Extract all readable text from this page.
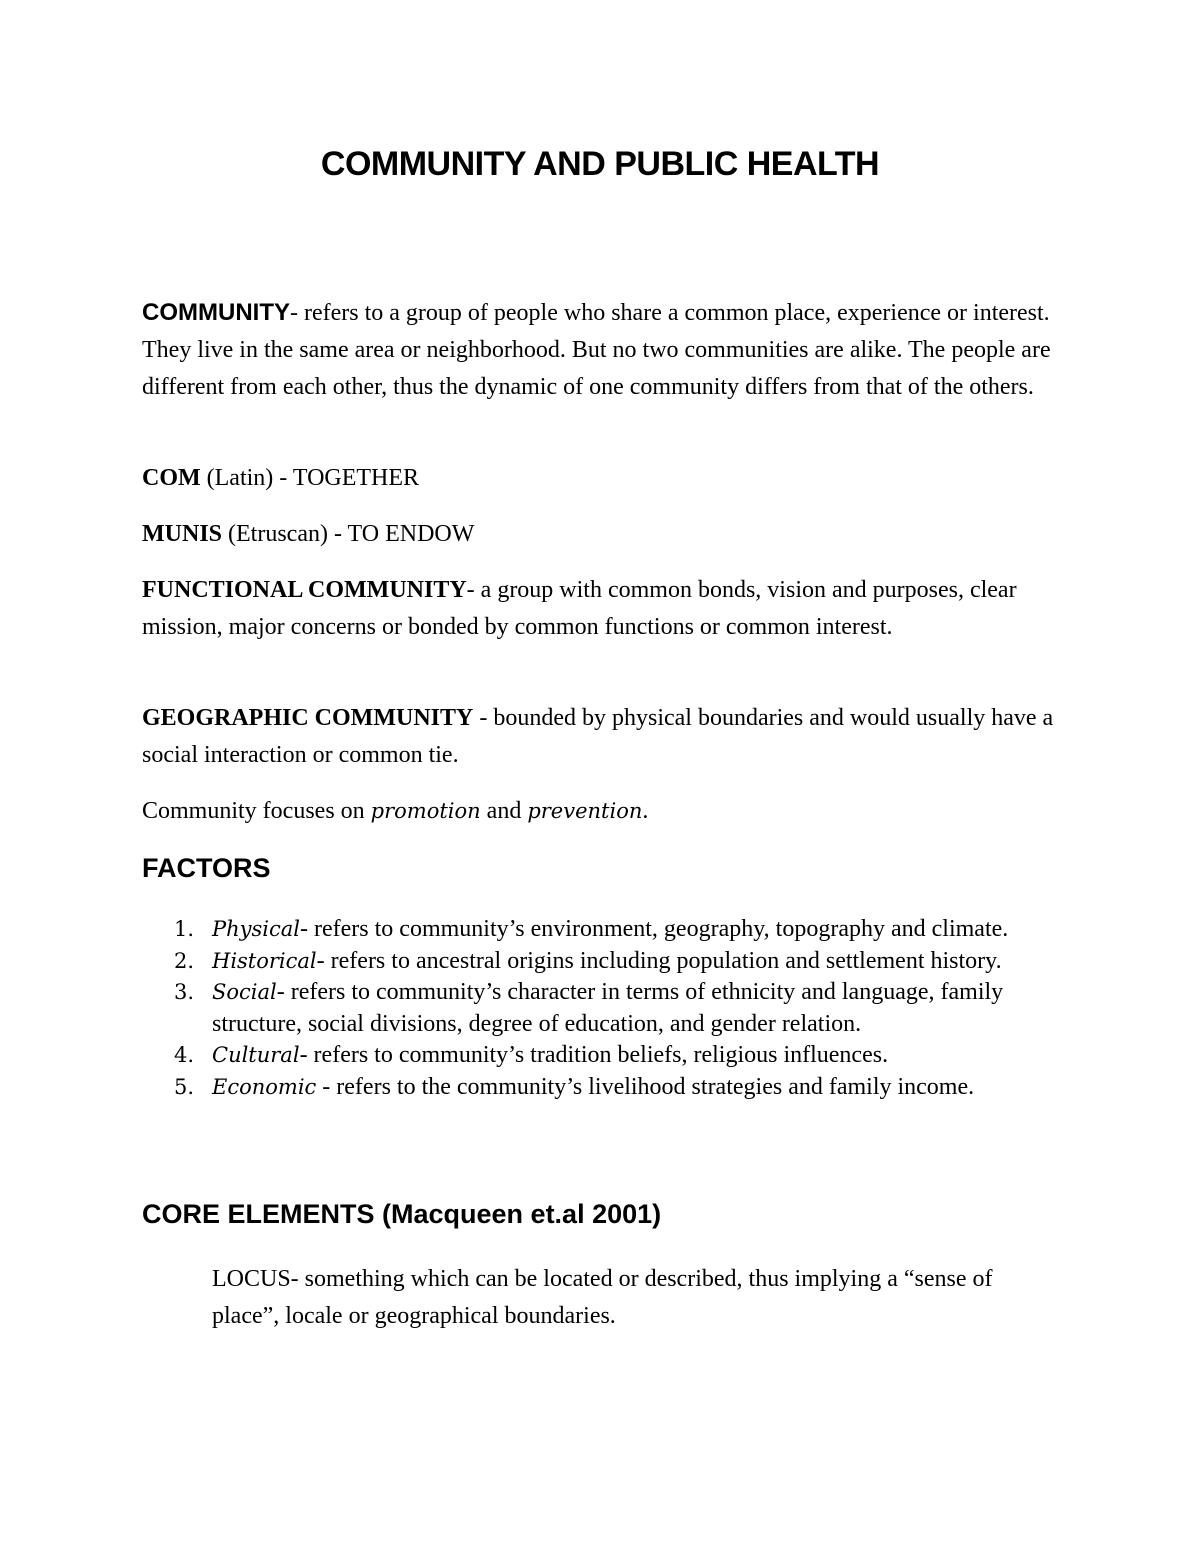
COMMUNITY AND PUBLIC HEALTH

COMMUNITY- refers to a group of people who share a common place, experience or interest. They live in the same area or neighborhood. But no two communities are alike. The people are different from each other, thus the dynamic of one community differs from that of the others.

COM (Latin) - TOGETHER

MUNIS (Etruscan) - TO ENDOW

FUNCTIONAL COMMUNITY- a group with common bonds, vision and purposes, clear mission, major concerns or bonded by common functions or common interest.

GEOGRAPHIC COMMUNITY - bounded by physical boundaries and would usually have a social interaction or common tie.

Community focuses on promotion and prevention.

FACTORS
1. Physical- refers to community’s environment, geography, topography and climate.
2. Historical- refers to ancestral origins including population and settlement history.
3. Social- refers to community’s character in terms of ethnicity and language, family structure, social divisions, degree of education, and gender relation.
4. Cultural- refers to community’s tradition beliefs, religious influences.
5. Economic - refers to the community’s livelihood strategies and family income.
CORE ELEMENTS (Macqueen et.al 2001)

LOCUS- something which can be located or described, thus implying a “sense of place”, locale or geographical boundaries.
